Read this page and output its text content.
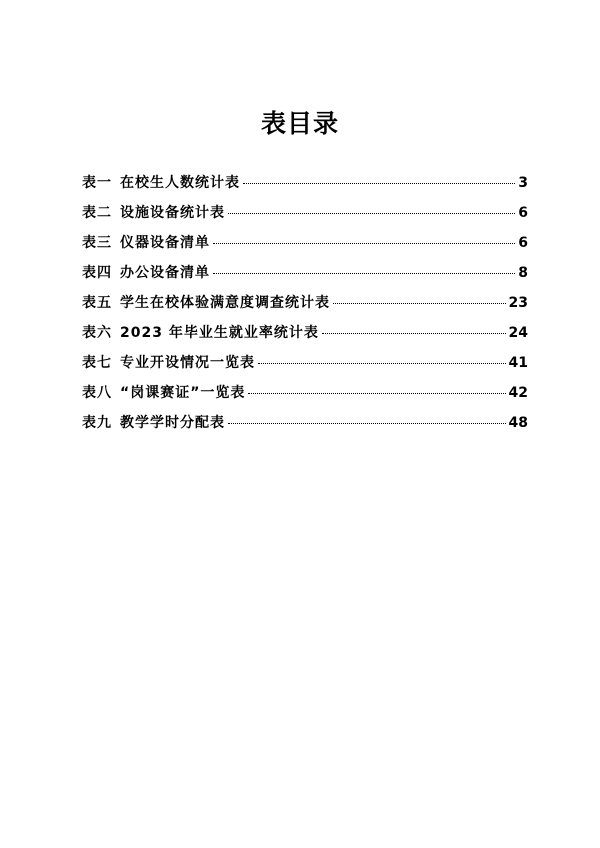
表目录
表一 在校生人数统计表	3
表二 设施设备统计表	6
表三 仪器设备清单	6
表四 办公设备清单	8
表五 学生在校体验满意度调查统计表	23
表六 2023 年毕业生就业率统计表	24
表七 专业开设情况一览表	41
表八 “岗课赛证”一览表	42
表九 教学学时分配表	48
